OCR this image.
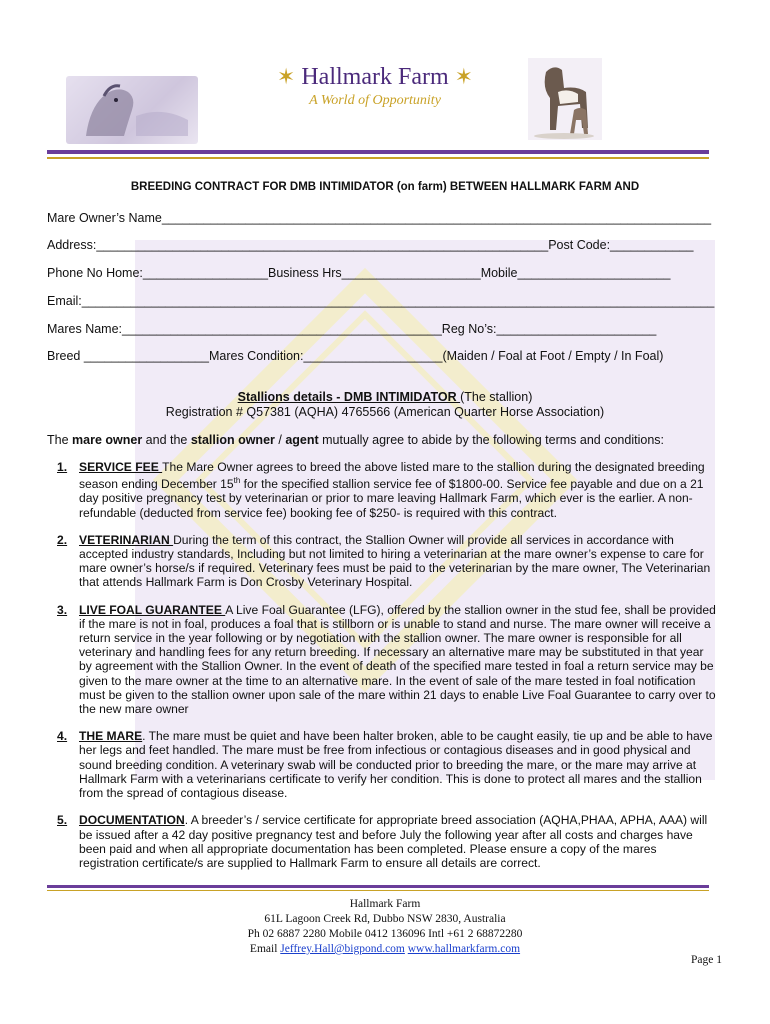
✶ Hallmark Farm ✶
A World of Opportunity
BREEDING CONTRACT FOR DMB INTIMIDATOR (on farm) BETWEEN HALLMARK FARM AND
Mare Owner’s Name_______________________________________________________________________________
Address:_________________________________________________________________Post Code:____________
Phone No Home:__________________Business Hrs____________________Mobile______________________
Email:___________________________________________________________________________________________
Mares Name:______________________________________________Reg No’s:_______________________
Breed __________________Mares Condition:____________________(Maiden / Foal at Foot / Empty / In Foal)
Stallions details - DMB INTIMIDATOR (The stallion)
Registration # Q57381 (AQHA) 4765566 (American Quarter Horse Association)
The mare owner and the stallion owner / agent mutually agree to abide by the following terms and conditions:
1. SERVICE FEE The Mare Owner agrees to breed the above listed mare to the stallion during the designated breeding season ending December 15th for the specified stallion service fee of $1800-00. Service fee payable and due on a 21 day positive pregnancy test by veterinarian or prior to mare leaving Hallmark Farm, which ever is the earlier. A non-refundable (deducted from service fee) booking fee of $250- is required with this contract.
2. VETERINARIAN During the term of this contract, the Stallion Owner will provide all services in accordance with accepted industry standards, Including but not limited to hiring a veterinarian at the mare owner’s expense to care for mare owner’s horse/s if required. Veterinary fees must be paid to the veterinarian by the mare owner, The Veterinarian that attends Hallmark Farm is Don Crosby Veterinary Hospital.
3. LIVE FOAL GUARANTEE A Live Foal Guarantee (LFG), offered by the stallion owner in the stud fee, shall be provided if the mare is not in foal, produces a foal that is stillborn or is unable to stand and nurse. The mare owner will receive a return service in the year following or by negotiation with the stallion owner. The mare owner is responsible for all veterinary and handling fees for any return breeding. If necessary an alternative mare may be substituted in that year by agreement with the Stallion Owner. In the event of death of the specified mare tested in foal a return service may be given to the mare owner at the time to an alternative mare. In the event of sale of the mare tested in foal notification must be given to the stallion owner upon sale of the mare within 21 days to enable Live Foal Guarantee to carry over to the new mare owner
4. THE MARE. The mare must be quiet and have been halter broken, able to be caught easily, tie up and be able to have her legs and feet handled. The mare must be free from infectious or contagious diseases and in good physical and sound breeding condition. A veterinary swab will be conducted prior to breeding the mare, or the mare may arrive at Hallmark Farm with a veterinarians certificate to verify her condition. This is done to protect all mares and the stallion from the spread of contagious disease.
5. DOCUMENTATION. A breeder’s / service certificate for appropriate breed association (AQHA,PHAA, APHA, AAA) will be issued after a 42 day positive pregnancy test and before July the following year after all costs and charges have been paid and when all appropriate documentation has been completed. Please ensure a copy of the mares registration certificate/s are supplied to Hallmark Farm to ensure all details are correct.
Hallmark Farm
61L Lagoon Creek Rd, Dubbo NSW 2830, Australia
Ph 02 6887 2280 Mobile 0412 136096 Intl +61 2 68872280
Email Jeffrey.Hall@bigpond.com www.hallmarkfarm.com
Page 1
